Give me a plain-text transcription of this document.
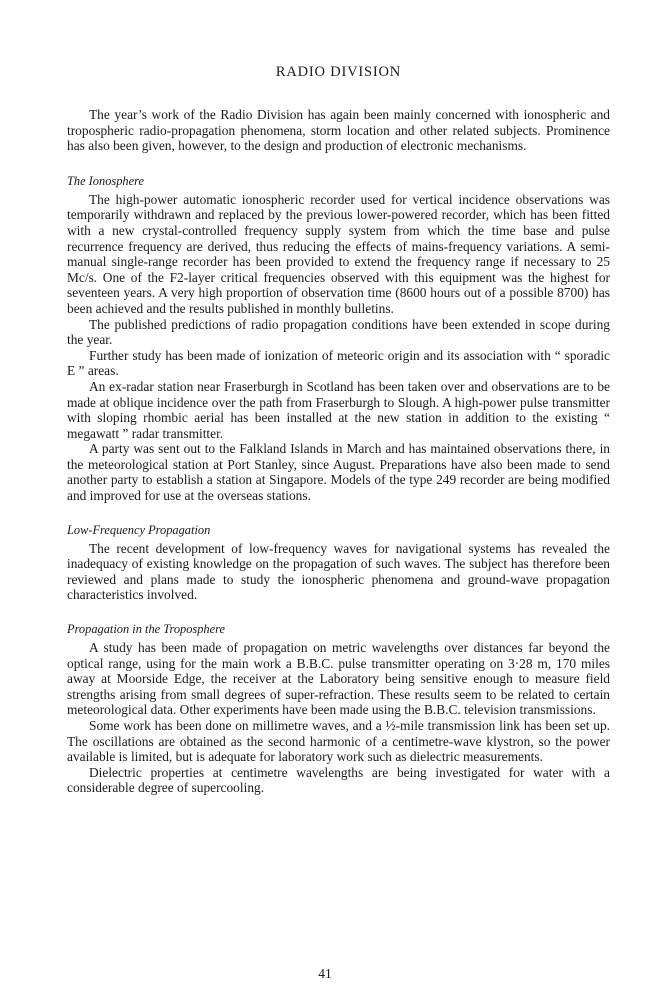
RADIO DIVISION

The year’s work of the Radio Division has again been mainly concerned with ionospheric and tropospheric radio-propagation phenomena, storm location and other related subjects. Prominence has also been given, however, to the design and production of electronic mechanisms.

The Ionosphere

The high-power automatic ionospheric recorder used for vertical incidence observations was temporarily withdrawn and replaced by the previous lower-powered recorder, which has been fitted with a new crystal-controlled frequency supply system from which the time base and pulse recurrence frequency are derived, thus reducing the effects of mains-frequency variations. A semi-manual single-range recorder has been provided to extend the frequency range if necessary to 25 Mc/s. One of the F2-layer critical frequencies observed with this equipment was the highest for seventeen years. A very high proportion of observation time (8600 hours out of a possible 8700) has been achieved and the results published in monthly bulletins.

The published predictions of radio propagation conditions have been extended in scope during the year.

Further study has been made of ionization of meteoric origin and its association with “ sporadic E ” areas.

An ex-radar station near Fraserburgh in Scotland has been taken over and observations are to be made at oblique incidence over the path from Fraserburgh to Slough. A high-power pulse transmitter with sloping rhombic aerial has been installed at the new station in addition to the existing “ megawatt ” radar transmitter.

A party was sent out to the Falkland Islands in March and has maintained observations there, in the meteorological station at Port Stanley, since August. Preparations have also been made to send another party to establish a station at Singapore. Models of the type 249 recorder are being modified and improved for use at the overseas stations.

Low-Frequency Propagation

The recent development of low-frequency waves for navigational systems has revealed the inadequacy of existing knowledge on the propagation of such waves. The subject has therefore been reviewed and plans made to study the ionospheric phenomena and ground-wave propagation characteristics involved.

Propagation in the Troposphere

A study has been made of propagation on metric wavelengths over distances far beyond the optical range, using for the main work a B.B.C. pulse transmitter operating on 3·28 m, 170 miles away at Moorside Edge, the receiver at the Laboratory being sensitive enough to measure field strengths arising from small degrees of super-refraction. These results seem to be related to certain meteorological data. Other experiments have been made using the B.B.C. television transmissions.

Some work has been done on millimetre waves, and a ½-mile transmission link has been set up. The oscillations are obtained as the second harmonic of a centimetre-wave klystron, so the power available is limited, but is adequate for laboratory work such as dielectric measurements.

Dielectric properties at centimetre wavelengths are being investigated for water with a considerable degree of supercooling.

41
